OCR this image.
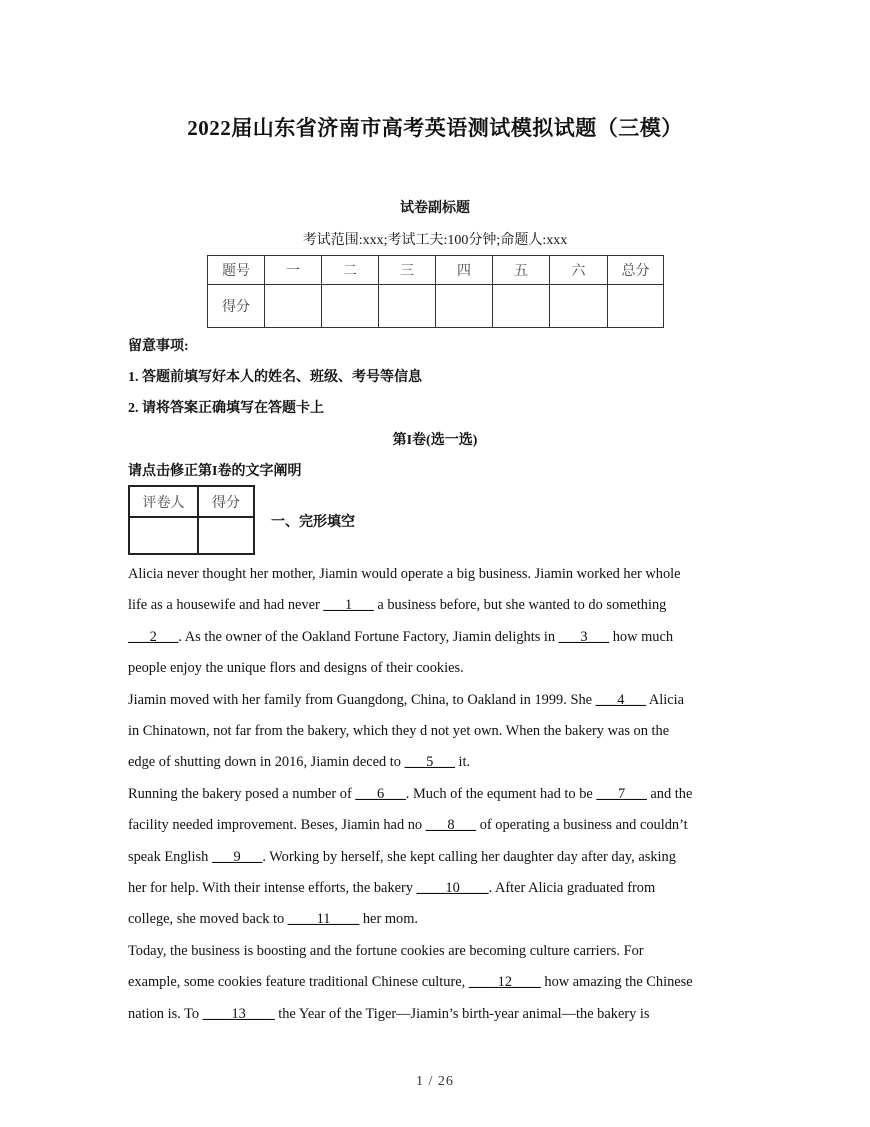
2022届山东省济南市高考英语测试模拟试题（三模）
试卷副标题
考试范围:xxx;考试工夫:100分钟;命题人:xxx
题号	一	二	三	四	五	六	总分
得分							
留意事项:
1. 答题前填写好本人的姓名、班级、考号等信息
2. 请将答案正确填写在答题卡上
第I卷(选一选)
请点击修正第I卷的文字阐明
评卷人	得分

一、完形填空
Alicia never thought her mother, Jiamin would operate a big business. Jiamin worked her whole
life as a housewife and had never ___1___ a business before, but she wanted to do something
___2___. As the owner of the Oakland Fortune Factory, Jiamin delights in ___3___ how much
people enjoy the unique flors and designs of their cookies.
Jiamin moved with her family from Guangdong, China, to Oakland in 1999. She ___4___ Alicia
in Chinatown, not far from the bakery, which they d not yet own. When the bakery was on the
edge of shutting down in 2016, Jiamin deced to ___5___ it.
Running the bakery posed a number of ___6___. Much of the equment had to be ___7___ and the
facility needed improvement. Beses, Jiamin had no ___8___ of operating a business and couldn’t
speak English ___9___. Working by herself, she kept calling her daughter day after day, asking
her for help. With their intense efforts, the bakery ____10____. After Alicia graduated from
college, she moved back to ____11____ her mom.
Today, the business is boosting and the fortune cookies are becoming culture carriers. For
example, some cookies feature traditional Chinese culture, ____12____ how amazing the Chinese
nation is. To ____13____ the Year of the Tiger—Jiamin’s birth-year animal—the bakery is
1 / 26
